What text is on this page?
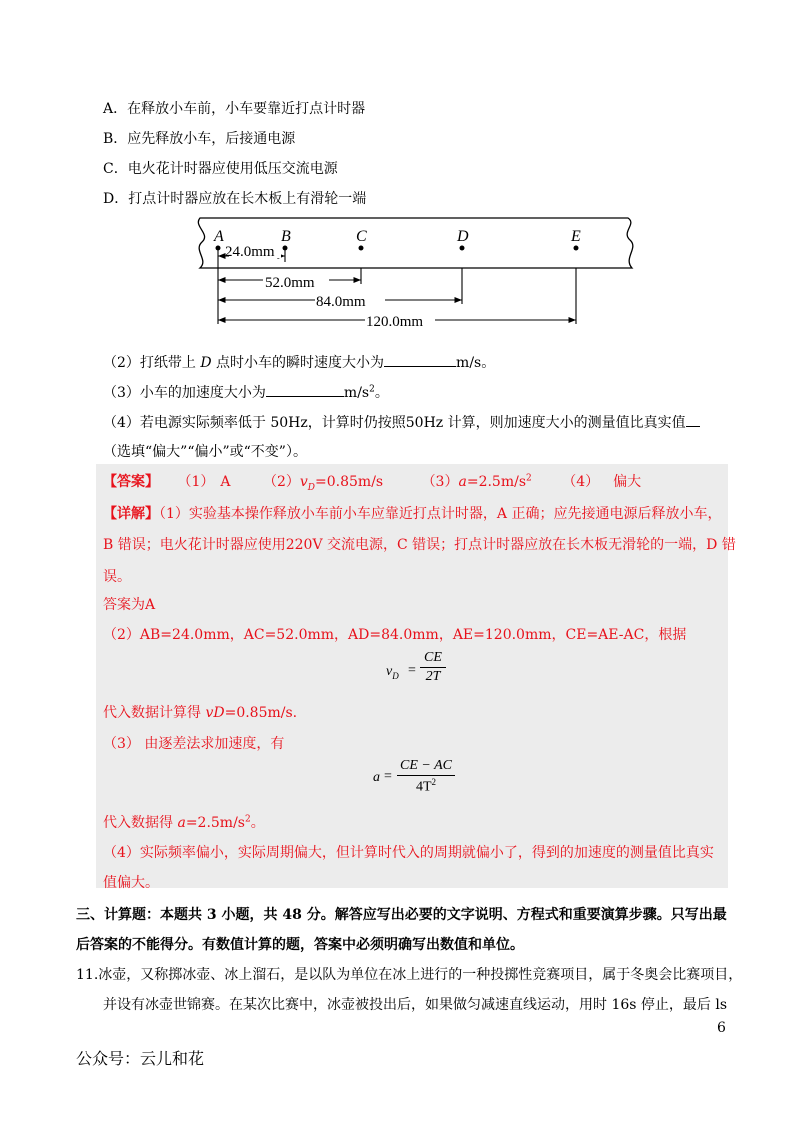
A．在释放小车前，小车要靠近打点计时器
B．应先释放小车，后接通电源
C．电火花计时器应使用低压交流电源
D．打点计时器应放在长木板上有滑轮一端
A	B	C	D	E
24.0mm
52.0mm
84.0mm
120.0mm
（2）打纸带上 D 点时小车的瞬时速度大小为	m/s。
（3）小车的加速度大小为	$m/s^2$。
（4）若电源实际频率低于 50Hz，计算时仍按照50Hz 计算，则加速度大小的测量值比真实值
（选填“偏大”“偏小”或“不变”）。
【答案】 （1） A $(2)v_D=0.85m/s$	$(3)a=2.5m/s^2$ （4） 偏大
【详解】（1）实验基本操作释放小车前小车应靠近打点计时器，A 正确；应先接通电源后释放小车，
B 错误；电火花计时器应使用220V 交流电源，C 错误；打点计时器应放在长木板无滑轮的一端，D 错
误。
答案为A
（2）AB=24.0mm，AC=52.0mm，AD=84.0mm，AE=120.0mm，CE=AE-AC，根据
$v_D$ =
CE
2T
代入数据计算得 vD=0.85m/s.
（3） 由逐差法求加速度，有
a =
CE − AC
$4T^2$
代入数据得 $a=2.5m/s^2$。
（4）实际频率偏小，实际周期偏大，但计算时代入的周期就偏小了，得到的加速度的测量值比真实
值偏大。
三、计算题：本题共 3 小题，共 48 分。解答应写出必要的文字说明、方程式和重要演算步骤。只写出最
后答案的不能得分。有数值计算的题，答案中必须明确写出数值和单位。
11.冰壶，又称掷冰壶、冰上溜石，是以队为单位在冰上进行的一种投掷性竞赛项目，属于冬奥会比赛项目，
并设有冰壶世锦赛。在某次比赛中，冰壶被投出后，如果做匀减速直线运动，用时 16s 停止，最后 ls
6
公众号：云儿和花
